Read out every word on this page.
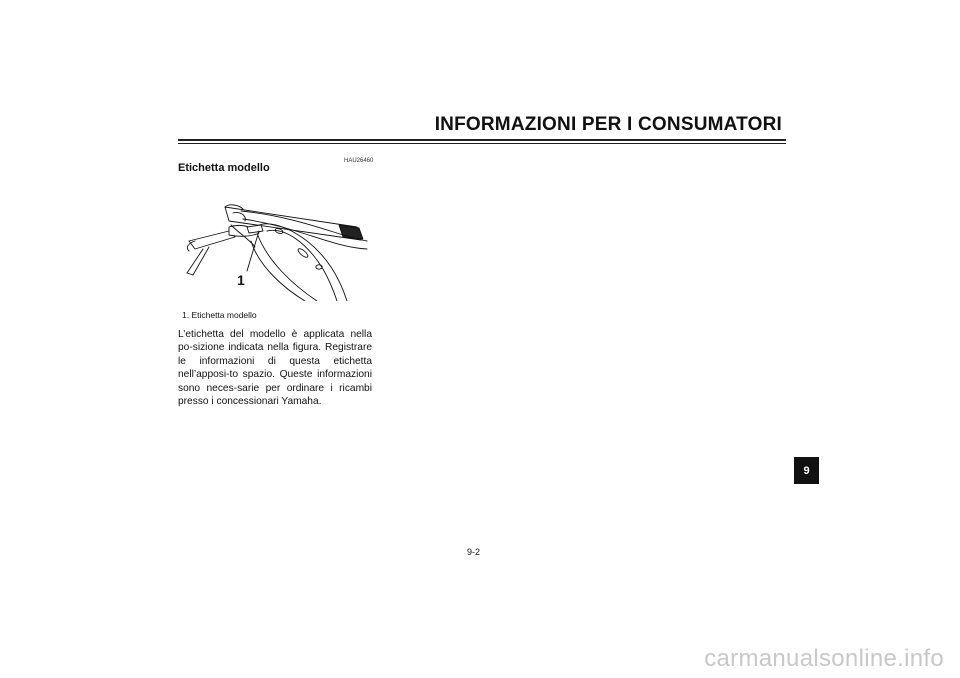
INFORMAZIONI PER I CONSUMATORI
HAU26460
Etichetta modello
1
1. Etichetta modello

L’etichetta del modello è applicata nella po-sizione indicata nella figura. Registrare le informazioni di questa etichetta nell’apposi-to spazio. Queste informazioni sono neces-sarie per ordinare i ricambi presso i concessionari Yamaha.

9
9-2
carmanualsonline.info
